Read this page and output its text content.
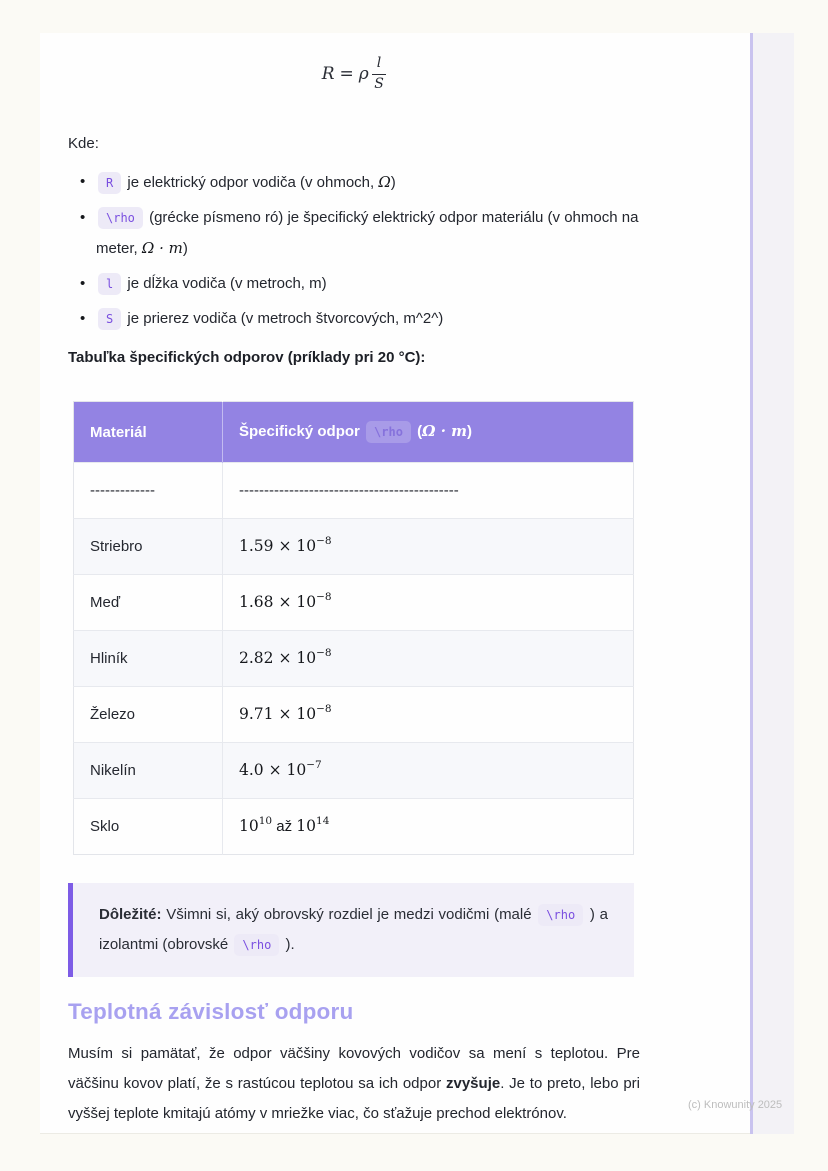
R = ρ $\frac{l}{S}$

Kde:

• R je elektrický odpor vodiča (v ohmoch, Ω)
• \rho (grécke písmeno ró) je špecifický elektrický odpor materiálu (v ohmoch na meter, Ω · m)
• l je dĺžka vodiča (v metroch, m)
• S je prierez vodiča (v metroch štvorcových, m^2^)

Tabuľka špecifických odporov (príklady pri 20 °C):

Materiál	Špecifický odpor \rho (Ω · m)
-------------	--------------------------------------------
Striebro	$1.59 \times 10^{-8}$
Meď	$1.68 \times 10^{-8}$
Hliník	$2.82 \times 10^{-8}$
Železo	$9.71 \times 10^{-8}$
Nikelín	$4.0 \times 10^{-7}$
Sklo	$10^{10}$ až $10^{14}$
Dôležité: Všimni si, aký obrovský rozdiel je medzi vodičmi (malé \rho ) a izolantmi (obrovské \rho ).
Teplotná závislosť odporu

Musím si pamätať, že odpor väčšiny kovových vodičov sa mení s teplotou. Pre väčšinu kovov platí, že s rastúcou teplotou sa ich odpor zvyšuje. Je to preto, lebo pri vyššej teplote kmitajú atómy v mriežke viac, čo sťažuje prechod elektrónov.	(c) Knowunity 2025
